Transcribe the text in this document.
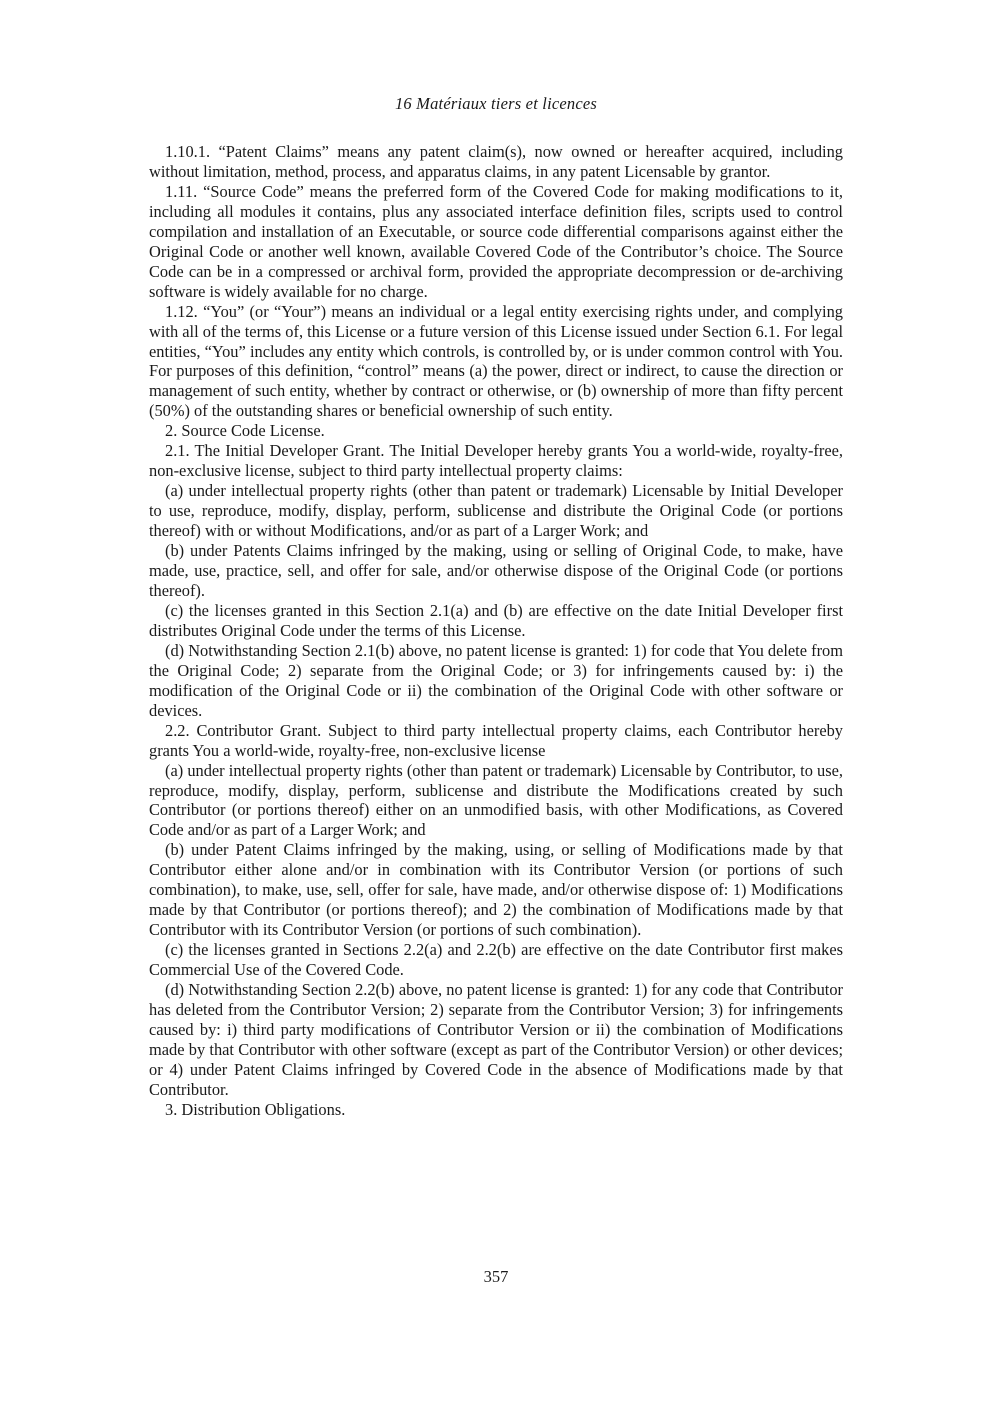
16 Matériaux tiers et licences

1.10.1. “Patent Claims” means any patent claim(s), now owned or hereafter acquired, including without limitation, method, process, and apparatus claims, in any patent Licensable by grantor.

1.11. “Source Code” means the preferred form of the Covered Code for making modifications to it, including all modules it contains, plus any associated interface definition files, scripts used to control compilation and installation of an Executable, or source code differential comparisons against either the Original Code or another well known, available Covered Code of the Contributor’s choice. The Source Code can be in a compressed or archival form, provided the appropriate decompression or de-archiving software is widely available for no charge.

1.12. “You” (or “Your”) means an individual or a legal entity exercising rights under, and complying with all of the terms of, this License or a future version of this License issued under Section 6.1. For legal entities, “You” includes any entity which controls, is controlled by, or is under common control with You. For purposes of this definition, “control” means (a) the power, direct or indirect, to cause the direction or management of such entity, whether by contract or otherwise, or (b) ownership of more than fifty percent (50%) of the outstanding shares or beneficial ownership of such entity.

2. Source Code License.

2.1. The Initial Developer Grant. The Initial Developer hereby grants You a world-wide, royalty-free, non-exclusive license, subject to third party intellectual property claims:

(a) under intellectual property rights (other than patent or trademark) Licensable by Initial Developer to use, reproduce, modify, display, perform, sublicense and distribute the Original Code (or portions thereof) with or without Modifications, and/or as part of a Larger Work; and

(b) under Patents Claims infringed by the making, using or selling of Original Code, to make, have made, use, practice, sell, and offer for sale, and/or otherwise dispose of the Original Code (or portions thereof).

(c) the licenses granted in this Section 2.1(a) and (b) are effective on the date Initial Developer first distributes Original Code under the terms of this License.

(d) Notwithstanding Section 2.1(b) above, no patent license is granted: 1) for code that You delete from the Original Code; 2) separate from the Original Code; or 3) for infringements caused by: i) the modification of the Original Code or ii) the combination of the Original Code with other software or devices.

2.2. Contributor Grant. Subject to third party intellectual property claims, each Contributor hereby grants You a world-wide, royalty-free, non-exclusive license

(a) under intellectual property rights (other than patent or trademark) Licensable by Contributor, to use, reproduce, modify, display, perform, sublicense and distribute the Modifications created by such Contributor (or portions thereof) either on an unmodified basis, with other Modifications, as Covered Code and/or as part of a Larger Work; and

(b) under Patent Claims infringed by the making, using, or selling of Modifications made by that Contributor either alone and/or in combination with its Contributor Version (or portions of such combination), to make, use, sell, offer for sale, have made, and/or otherwise dispose of: 1) Modifications made by that Contributor (or portions thereof); and 2) the combination of Modifications made by that Contributor with its Contributor Version (or portions of such combination).

(c) the licenses granted in Sections 2.2(a) and 2.2(b) are effective on the date Contributor first makes Commercial Use of the Covered Code.

(d) Notwithstanding Section 2.2(b) above, no patent license is granted: 1) for any code that Contributor has deleted from the Contributor Version; 2) separate from the Contributor Version; 3) for infringements caused by: i) third party modifications of Contributor Version or ii) the combination of Modifications made by that Contributor with other software (except as part of the Contributor Version) or other devices; or 4) under Patent Claims infringed by Covered Code in the absence of Modifications made by that Contributor.

3. Distribution Obligations.

357
